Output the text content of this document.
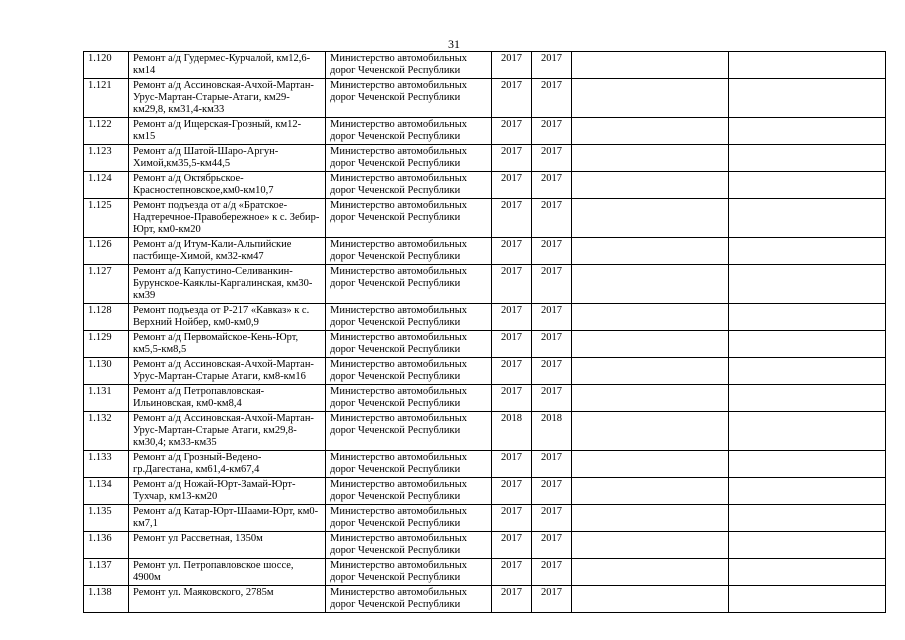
31
1.120	Ремонт а/д Гудермес-Курчалой, км12,6-км14	Министерство автомобильных дорог Чеченской Республики	2017	2017		
1.121	Ремонт а/д Ассиновская-Ачхой-Мартан-Урус-Мартан-Старые-Атаги, км29-км29,8, км31,4-км33	Министерство автомобильных дорог Чеченской Республики	2017	2017		
1.122	Ремонт а/д Ищерская-Грозный, км12-км15	Министерство автомобильных дорог Чеченской Республики	2017	2017		
1.123	Ремонт а/д Шатой-Шаро-Аргун-Химой,км35,5-км44,5	Министерство автомобильных дорог Чеченской Республики	2017	2017		
1.124	Ремонт а/д Октябрьское-Красностепновское,км0-км10,7	Министерство автомобильных дорог Чеченской Республики	2017	2017		
1.125	Ремонт подъезда от а/д «Братское-Надтеречное-Правобережное» к с. Зебир-Юрт, км0-км20	Министерство автомобильных дорог Чеченской Республики	2017	2017		
1.126	Ремонт а/д Итум-Кали-Альпийские пастбище-Химой, км32-км47	Министерство автомобильных дорог Чеченской Республики	2017	2017		
1.127	Ремонт а/д Капустино-Селиванкин-Бурунское-Каяклы-Каргалинская, км30-км39	Министерство автомобильных дорог Чеченской Республики	2017	2017		
1.128	Ремонт подъезда от Р-217 «Кавказ» к с. Верхний Нойбер, км0-км0,9	Министерство автомобильных дорог Чеченской Республики	2017	2017		
1.129	Ремонт а/д Первомайское-Кень-Юрт, км5,5-км8,5	Министерство автомобильных дорог Чеченской Республики	2017	2017		
1.130	Ремонт а/д Ассиновская-Ачхой-Мартан-Урус-Мартан-Старые Атаги, км8-км16	Министерство автомобильных дорог Чеченской Республики	2017	2017		
1.131	Ремонт а/д Петропавловская-Ильиновская, км0-км8,4	Министерство автомобильных дорог Чеченской Республики	2017	2017		
1.132	Ремонт а/д Ассиновская-Ачхой-Мартан-Урус-Мартан-Старые Атаги, км29,8-км30,4; км33-км35	Министерство автомобильных дорог Чеченской Республики	2018	2018		
1.133	Ремонт а/д Грозный-Ведено-гр.Дагестана, км61,4-км67,4	Министерство автомобильных дорог Чеченской Республики	2017	2017		
1.134	Ремонт а/д Ножай-Юрт-Замай-Юрт-Тухчар, км13-км20	Министерство автомобильных дорог Чеченской Республики	2017	2017		
1.135	Ремонт а/д Катар-Юрт-Шаами-Юрт, км0-км7,1	Министерство автомобильных дорог Чеченской Республики	2017	2017		
1.136	Ремонт ул Рассветная, 1350м	Министерство автомобильных дорог Чеченской Республики	2017	2017		
1.137	Ремонт ул. Петропавловское шоссе, 4900м	Министерство автомобильных дорог Чеченской Республики	2017	2017		
1.138	Ремонт ул. Маяковского, 2785м	Министерство автомобильных дорог Чеченской Республики	2017	2017		
